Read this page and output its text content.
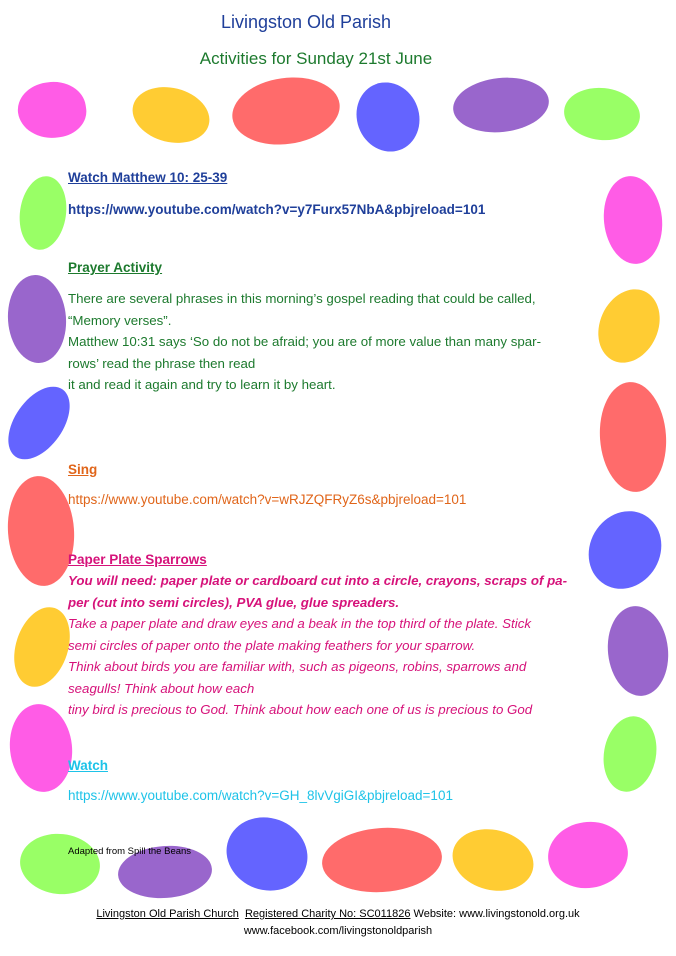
Livingston Old Parish

Activities for Sunday 21st June

Watch Matthew 10: 25-39

https://www.youtube.com/watch?v=y7Furx57NbA&pbjreload=101

Prayer Activity

There are several phrases in this morning’s gospel reading that could be called,
“Memory verses”.
Matthew 10:31 says ‘So do not be afraid; you are of more value than many spar-
rows’ read the phrase then read
it and read it again and try to learn it by heart.

Sing

https://www.youtube.com/watch?v=wRJZQFRyZ6s&pbjreload=101

Paper Plate Sparrows

You will need: paper plate or cardboard cut into a circle, crayons, scraps of pa-
per (cut into semi circles), PVA glue, glue spreaders.
Take a paper plate and draw eyes and a beak in the top third of the plate. Stick
semi circles of paper onto the plate making feathers for your sparrow.
Think about birds you are familiar with, such as pigeons, robins, sparrows and
seagulls! Think about how each
tiny bird is precious to God. Think about how each one of us is precious to God

Watch

https://www.youtube.com/watch?v=GH_8lvVgiGI&pbjreload=101

Adapted from Spill the Beans

Livingston Old Parish Church Registered Charity No: SC011826 Website: www.livingstonold.org.uk
www.facebook.com/livingstonoldparish
